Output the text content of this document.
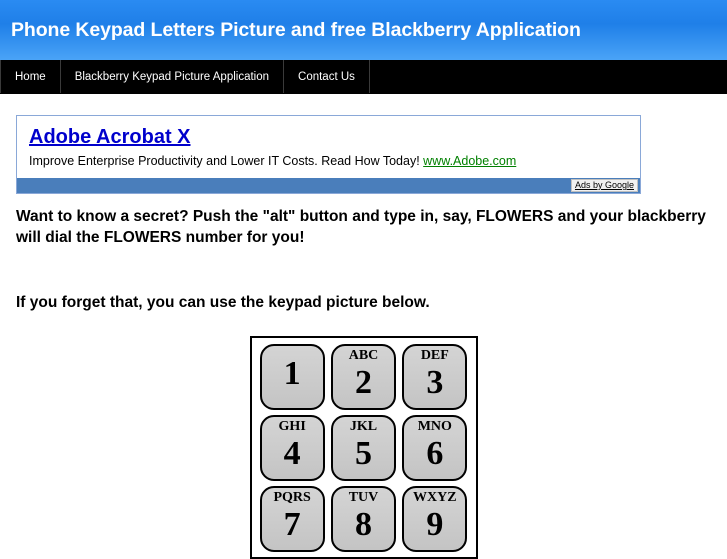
Phone Keypad Letters Picture and free Blackberry Application
Home	Blackberry Keypad Picture Application	Contact Us
Adobe Acrobat X
Improve Enterprise Productivity and Lower IT Costs. Read How Today! www.Adobe.com
Ads by Google
Want to know a secret? Push the "alt" button and type in, say, FLOWERS and your blackberry will dial the FLOWERS number for you!
If you forget that, you can use the keypad picture below.
1	ABC
2
DEF
3
GHI
4
JKL
5
MNO
6
PQRS
7
TUV
8
WXYZ
9
